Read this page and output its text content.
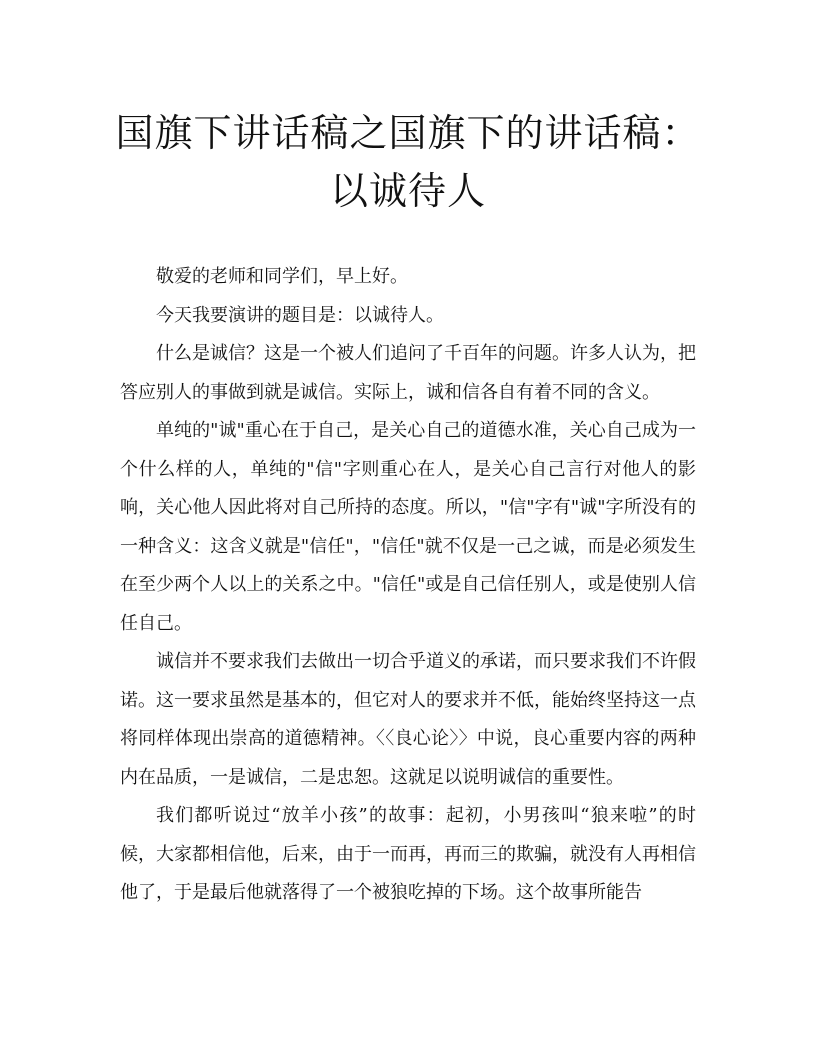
国旗下讲话稿之国旗下的讲话稿：以诚待人

敬爱的老师和同学们，早上好。

今天我要演讲的题目是：以诚待人。

什么是诚信？这是一个被人们追问了千百年的问题。许多人认为，把答应别人的事做到就是诚信。实际上，诚和信各自有着不同的含义。

单纯的"诚"重心在于自己，是关心自己的道德水准，关心自己成为一个什么样的人，单纯的"信"字则重心在人，是关心自己言行对他人的影响，关心他人因此将对自己所持的态度。所以，"信"字有"诚"字所没有的一种含义：这含义就是"信任"，"信任"就不仅是一己之诚，而是必须发生在至少两个人以上的关系之中。"信任"或是自己信任别人，或是使别人信任自己。

诚信并不要求我们去做出一切合乎道义的承诺，而只要求我们不许假诺。这一要求虽然是基本的，但它对人的要求并不低，能始终坚持这一点将同样体现出崇高的道德精神。〈〈良心论〉〉中说，良心重要内容的两种内在品质，一是诚信，二是忠恕。这就足以说明诚信的重要性。

我们都听说过“放羊小孩”的故事：起初，小男孩叫“狼来啦”的时候，大家都相信他，后来，由于一而再，再而三的欺骗，就没有人再相信他了，于是最后他就落得了一个被狼吃掉的下场。这个故事所能告
